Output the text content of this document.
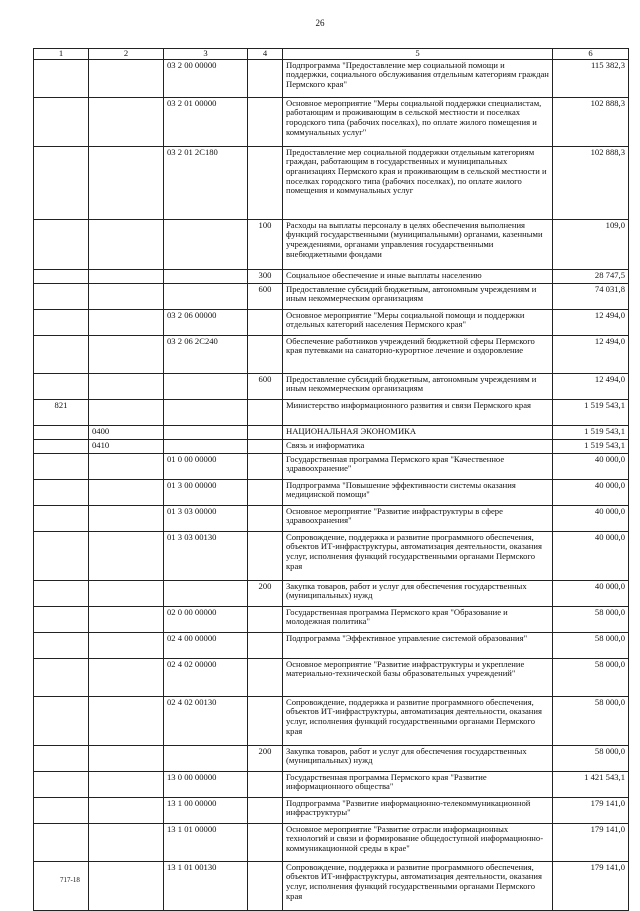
26
1	2	3	4	5	6
		03 2 00 00000		Подпрограмма "Предоставление мер социальной помощи и поддержки, социального обслуживания отдельным категориям граждан Пермского края"	115 382,3
		03 2 01 00000		Основное мероприятие "Меры социальной поддержки специалистам, работающим и проживающим в сельской местности и поселках городского типа (рабочих поселках), по оплате жилого помещения и коммунальных услуг"	102 888,3
		03 2 01 2С180		Предоставление мер социальной поддержки отдельным категориям граждан, работающим в государственных и муниципальных организациях Пермского края и проживающим в сельской местности и поселках городского типа (рабочих поселках), по оплате жилого помещения и коммунальных услуг	102 888,3
			100	Расходы на выплаты персоналу в целях обеспечения выполнения функций государственными (муниципальными) органами, казенными учреждениями, органами управления государственными внебюджетными фондами	109,0
			300	Социальное обеспечение и иные выплаты населению	28 747,5
			600	Предоставление субсидий бюджетным, автономным учреждениям и иным некоммерческим организациям	74 031,8
		03 2 06 00000		Основное мероприятие "Меры социальной помощи и поддержки отдельных категорий населения Пермского края"	12 494,0
		03 2 06 2С240		Обеспечение работников учреждений бюджетной сферы Пермского края путевками на санаторно-курортное лечение и оздоровление	12 494,0
			600	Предоставление субсидий бюджетным, автономным учреждениям и иным некоммерческим организациям	12 494,0
821				Министерство информационного развития и связи Пермского края	1 519 543,1
	0400			НАЦИОНАЛЬНАЯ ЭКОНОМИКА	1 519 543,1
	0410			Связь и информатика	1 519 543,1
		01 0 00 00000		Государственная программа Пермского края "Качественное здравоохранение"	40 000,0
		01 3 00 00000		Подпрограмма "Повышение эффективности системы оказания медицинской помощи"	40 000,0
		01 3 03 00000		Основное мероприятие "Развитие инфраструктуры в сфере здравоохранения"	40 000,0
		01 3 03 00130		Сопровождение, поддержка и развитие программного обеспечения, объектов ИТ-инфраструктуры, автоматизация деятельности, оказания услуг, исполнения функций государственными органами Пермского края	40 000,0
			200	Закупка товаров, работ и услуг для обеспечения государственных (муниципальных) нужд	40 000,0
		02 0 00 00000		Государственная программа Пермского края "Образование и молодежная политика"	58 000,0
		02 4 00 00000		Подпрограмма "Эффективное управление системой образования"	58 000,0
		02 4 02 00000		Основное мероприятие "Развитие инфраструктуры и укрепление материально-технической базы образовательных учреждений"	58 000,0
		02 4 02 00130		Сопровождение, поддержка и развитие программного обеспечения, объектов ИТ-инфраструктуры, автоматизация деятельности, оказания услуг, исполнения функций государственными органами Пермского края	58 000,0
			200	Закупка товаров, работ и услуг для обеспечения государственных (муниципальных) нужд	58 000,0
		13 0 00 00000		Государственная программа Пермского края "Развитие информационного общества"	1 421 543,1
		13 1 00 00000		Подпрограмма "Развитие информационно-телекоммуникационной инфраструктуры"	179 141,0
		13 1 01 00000		Основное мероприятие "Развитие отрасли информационных технологий и связи и формирование общедоступной информационно-коммуникационной среды в крае"	179 141,0
		13 1 01 00130		Сопровождение, поддержка и развитие программного обеспечения, объектов ИТ-инфраструктуры, автоматизация деятельности, оказания услуг, исполнения функций государственными органами Пермского края	179 141,0
717-18
